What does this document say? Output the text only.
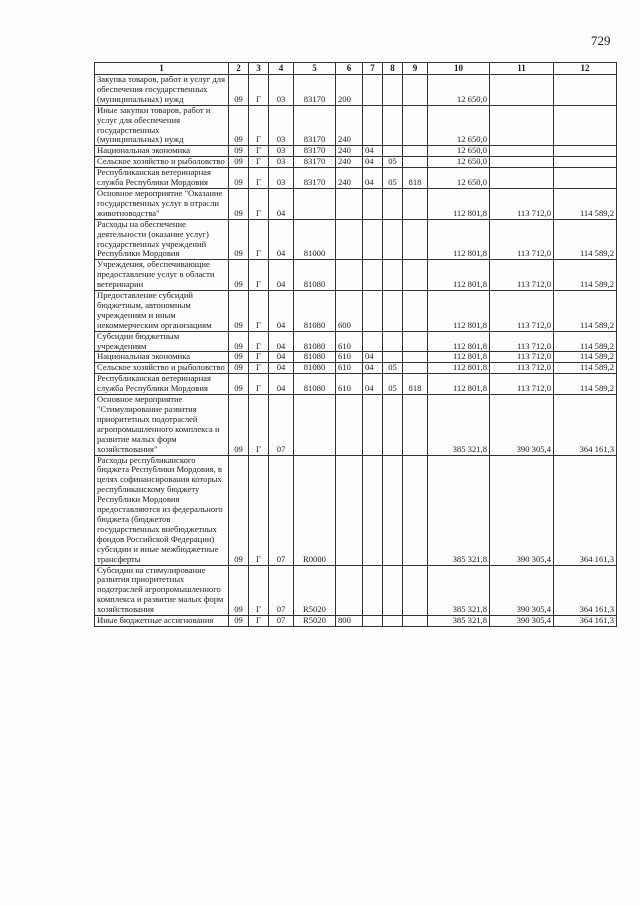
729
1	2	3	4	5	6	7	8	9	10	11	12
Закупка товаров, работ и услуг для обеспечения государственных (муниципальных) нужд	09	Г	03	83170	200				12 650,0		
Иные закупки товаров, работ и услуг для обеспечения государственных (муниципальных) нужд	09	Г	03	83170	240				12 650,0		
Национальная экономика	09	Г	03	83170	240	04			12 650,0		
Сельское хозяйство и рыболовство	09	Г	03	83170	240	04	05		12 650,0		
Республиканская ветеринарная служба Республики Мордовия	09	Г	03	83170	240	04	05	818	12 650,0		
Основное мероприятие "Оказание государственных услуг в отрасли животноводства"	09	Г	04						112 801,8	113 712,0	114 589,2
Расходы на обеспечение деятельности (оказание услуг) государственных учреждений Республики Мордовия	09	Г	04	81000					112 801,8	113 712,0	114 589,2
Учреждения, обеспечивающие предоставление услуг в области ветеринарии	09	Г	04	81080					112 801,8	113 712,0	114 589,2
Предоставление субсидий бюджетным, автономным учреждениям и иным некоммерческим организациям	09	Г	04	81080	600				112 801,8	113 712,0	114 589,2
Субсидии бюджетным учреждениям	09	Г	04	81080	610				112 801,8	113 712,0	114 589,2
Национальная экономика	09	Г	04	81080	610	04			112 801,8	113 712,0	114 589,2
Сельское хозяйство и рыболовство	09	Г	04	81080	610	04	05		112 801,8	113 712,0	114 589,2
Республиканская ветеринарная служба Республики Мордовия	09	Г	04	81080	610	04	05	818	112 801,8	113 712,0	114 589,2
Основное мероприятие "Стимулирование развития приоритетных подотраслей агропромышленного комплекса и развитие малых форм хозяйствования"	09	Г	07						385 321,8	390 305,4	364 161,3
Расходы республиканского бюджета Республики Мордовия, в целях софинансирования которых республиканскому бюджету Республики Мордовия предоставляются из федерального бюджета (бюджетов государственных внебюджетных фондов Российской Федерации) субсидии и иные межбюджетные трансферты	09	Г	07	R0000					385 321,8	390 305,4	364 161,3
Субсидии на стимулирование развития приоритетных подотраслей агропромышленного комплекса и развитие малых форм хозяйствования	09	Г	07	R5020					385 321,8	390 305,4	364 161,3
Иные бюджетные ассигнования	09	Г	07	R5020	800				385 321,8	390 305,4	364 161,3
